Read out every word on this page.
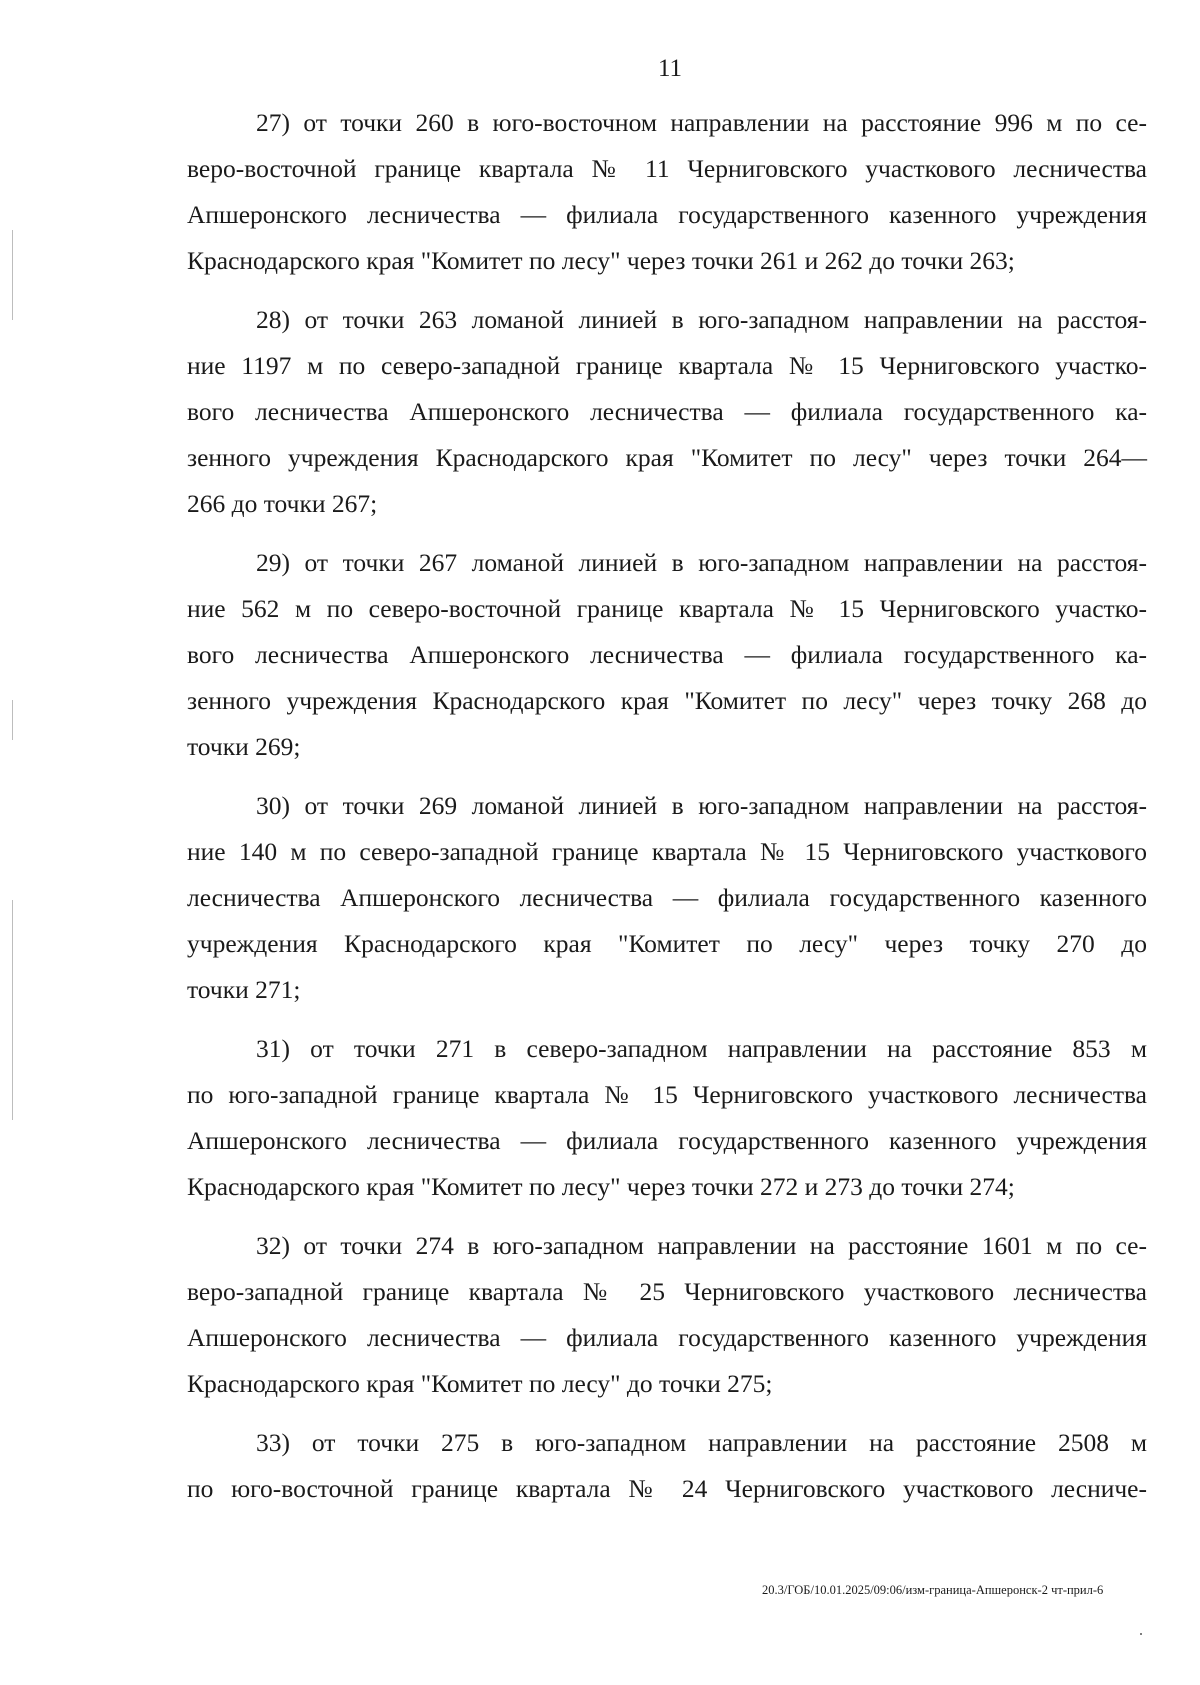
11
27) от точки 260 в юго-восточном направлении на расстояние 996 м по се-
веро-восточной границе квартала № 11 Черниговского участкового лесничества
Апшеронского лесничества — филиала государственного казенного учреждения
Краснодарского края "Комитет по лесу" через точки 261 и 262 до точки 263;
28) от точки 263 ломаной линией в юго-западном направлении на расстоя-
ние 1197 м по северо-западной границе квартала № 15 Черниговского участко-
вого лесничества Апшеронского лесничества — филиала государственного ка-
зенного учреждения Краснодарского края "Комитет по лесу" через точки 264—
266 до точки 267;
29) от точки 267 ломаной линией в юго-западном направлении на расстоя-
ние 562 м по северо-восточной границе квартала № 15 Черниговского участко-
вого лесничества Апшеронского лесничества — филиала государственного ка-
зенного учреждения Краснодарского края "Комитет по лесу" через точку 268 до
точки 269;
30) от точки 269 ломаной линией в юго-западном направлении на расстоя-
ние 140 м по северо-западной границе квартала № 15 Черниговского участкового
лесничества Апшеронского лесничества — филиала государственного казенного
учреждения Краснодарского края "Комитет по лесу" через точку 270 до
точки 271;
31) от точки 271 в северо-западном направлении на расстояние 853 м
по юго-западной границе квартала № 15 Черниговского участкового лесничества
Апшеронского лесничества — филиала государственного казенного учреждения
Краснодарского края "Комитет по лесу" через точки 272 и 273 до точки 274;
32) от точки 274 в юго-западном направлении на расстояние 1601 м по се-
веро-западной границе квартала № 25 Черниговского участкового лесничества
Апшеронского лесничества — филиала государственного казенного учреждения
Краснодарского края "Комитет по лесу" до точки 275;
33) от точки 275 в юго-западном направлении на расстояние 2508 м
по юго-восточной границе квартала № 24 Черниговского участкового лесниче-
20.3/ГОБ/10.01.2025/09:06/изм-граница-Апшеронск-2 чт-прил-6
